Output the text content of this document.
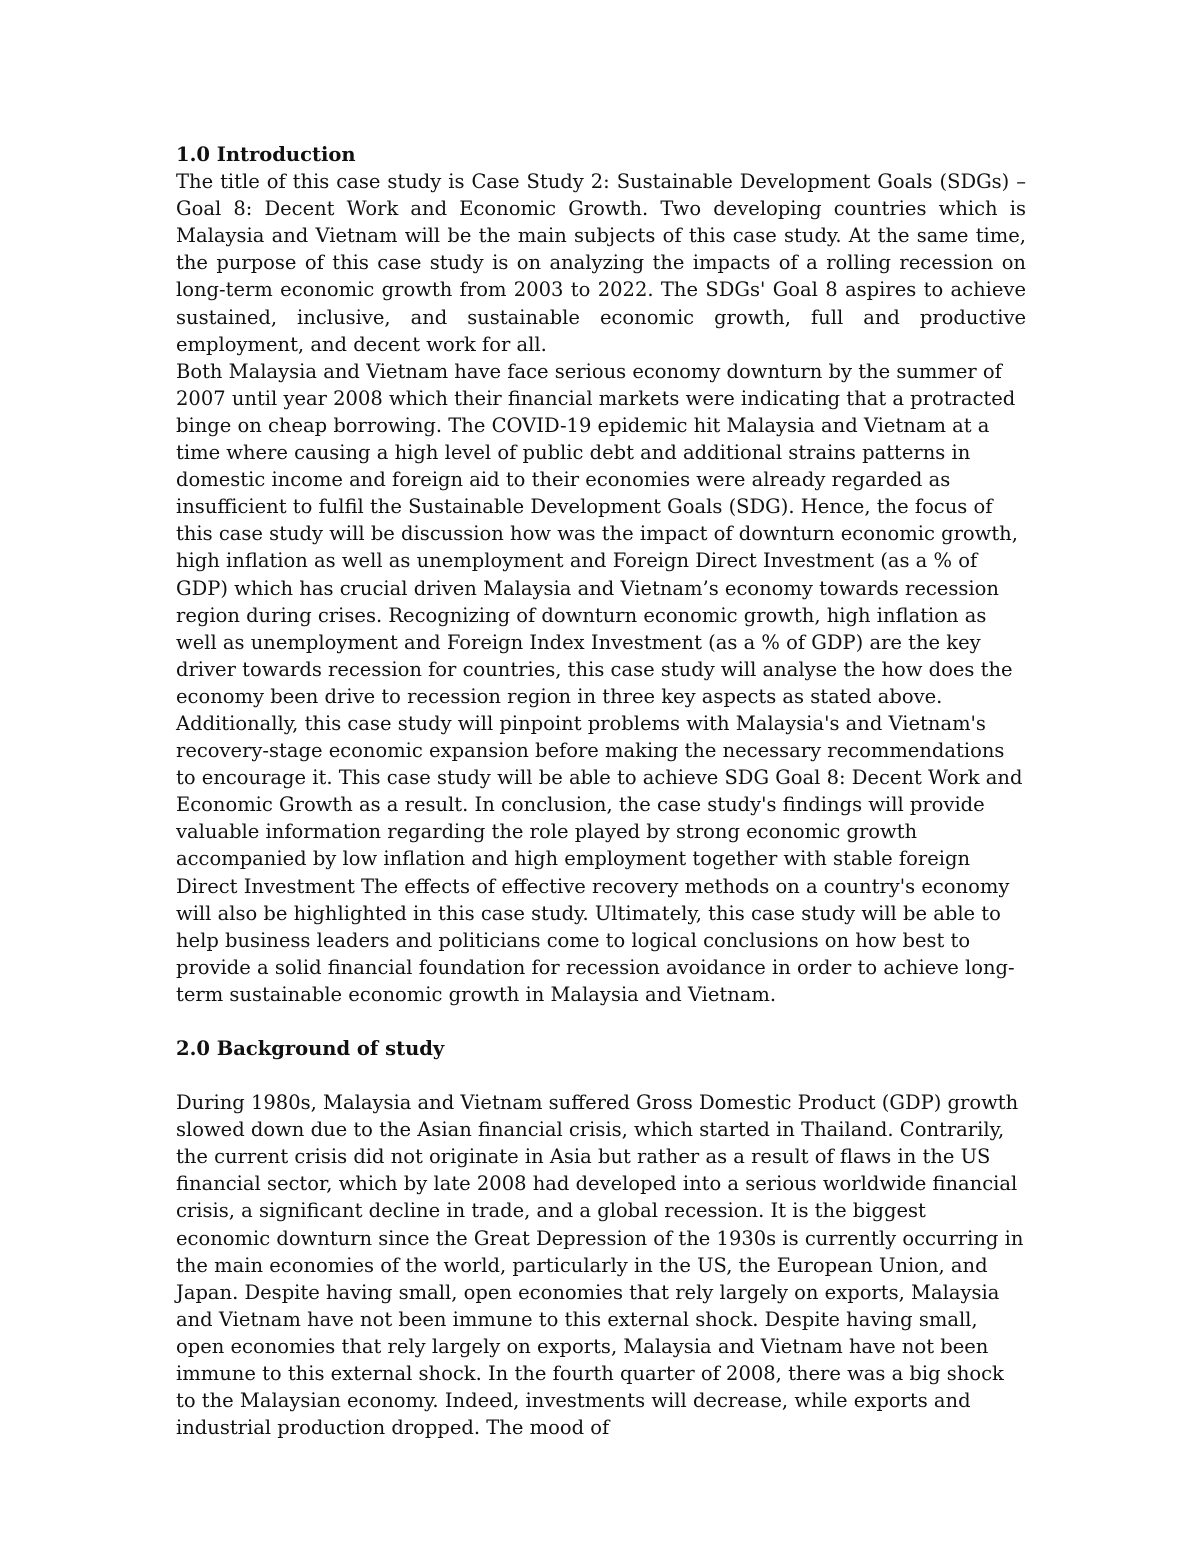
1.0 Introduction
The title of this case study is Case Study 2: Sustainable Development Goals (SDGs) – Goal 8: Decent Work and Economic Growth. Two developing countries which is Malaysia and Vietnam will be the main subjects of this case study. At the same time, the purpose of this case study is on analyzing the impacts of a rolling recession on long-term economic growth from 2003 to 2022. The SDGs' Goal 8 aspires to achieve sustained, inclusive, and sustainable economic growth, full and productive employment, and decent work for all.
Both Malaysia and Vietnam have face serious economy downturn by the summer of 2007 until year 2008 which their financial markets were indicating that a protracted binge on cheap borrowing. The COVID-19 epidemic hit Malaysia and Vietnam at a time where causing a high level of public debt and additional strains patterns in domestic income and foreign aid to their economies were already regarded as insufficient to fulfil the Sustainable Development Goals (SDG). Hence, the focus of this case study will be discussion how was the impact of downturn economic growth, high inflation as well as unemployment and Foreign Direct Investment (as a % of GDP) which has crucial driven Malaysia and Vietnam’s economy towards recession region during crises. Recognizing of downturn economic growth, high inflation as well as unemployment and Foreign Index Investment (as a % of GDP) are the key driver towards recession for countries, this case study will analyse the how does the economy been drive to recession region in three key aspects as stated above. Additionally, this case study will pinpoint problems with Malaysia's and Vietnam's recovery-stage economic expansion before making the necessary recommendations to encourage it. This case study will be able to achieve SDG Goal 8: Decent Work and Economic Growth as a result. In conclusion, the case study's findings will provide valuable information regarding the role played by strong economic growth accompanied by low inflation and high employment together with stable foreign Direct Investment The effects of effective recovery methods on a country's economy will also be highlighted in this case study. Ultimately, this case study will be able to help business leaders and politicians come to logical conclusions on how best to provide a solid financial foundation for recession avoidance in order to achieve long-term sustainable economic growth in Malaysia and Vietnam.
2.0 Background of study
During 1980s, Malaysia and Vietnam suffered Gross Domestic Product (GDP) growth slowed down due to the Asian financial crisis, which started in Thailand. Contrarily, the current crisis did not originate in Asia but rather as a result of flaws in the US financial sector, which by late 2008 had developed into a serious worldwide financial crisis, a significant decline in trade, and a global recession. It is the biggest economic downturn since the Great Depression of the 1930s is currently occurring in the main economies of the world, particularly in the US, the European Union, and Japan. Despite having small, open economies that rely largely on exports, Malaysia and Vietnam have not been immune to this external shock. Despite having small, open economies that rely largely on exports, Malaysia and Vietnam have not been immune to this external shock. In the fourth quarter of 2008, there was a big shock to the Malaysian economy. Indeed, investments will decrease, while exports and industrial production dropped. The mood of
